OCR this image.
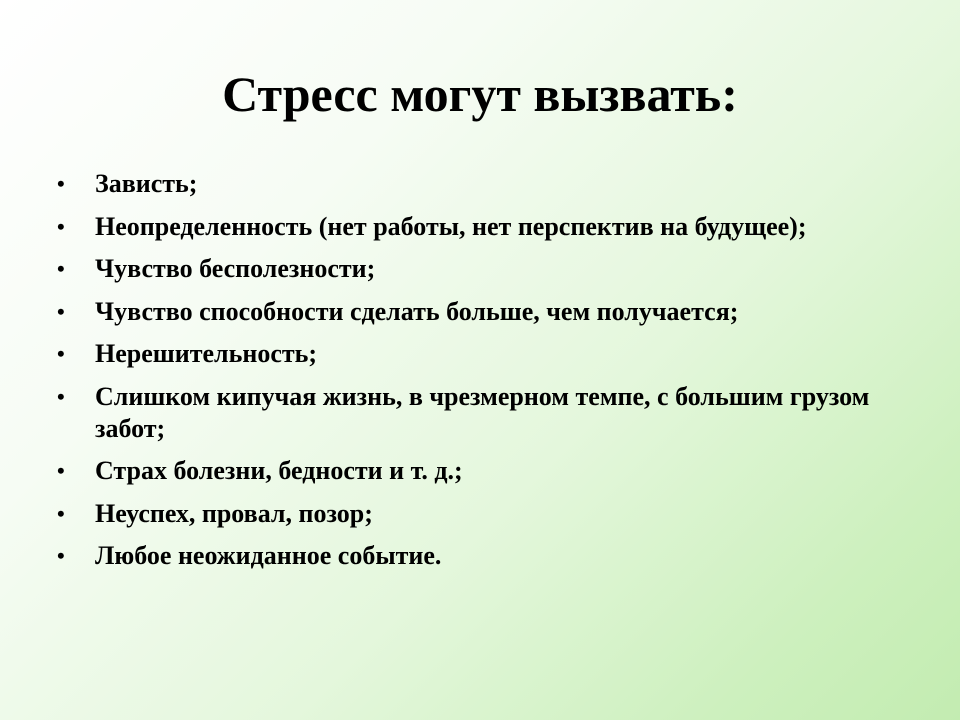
Стресс могут вызвать:
•	Зависть;
•	Неопределенность (нет работы, нет перспектив на будущее);
•	Чувство бесполезности;
•	Чувство способности сделать больше, чем получается;
•	Нерешительность;
•	Слишком кипучая жизнь, в чрезмерном темпе, с большим грузом забот;
•	Страх болезни, бедности и т. д.;
•	Неуспех, провал, позор;
•	Любое неожиданное событие.
